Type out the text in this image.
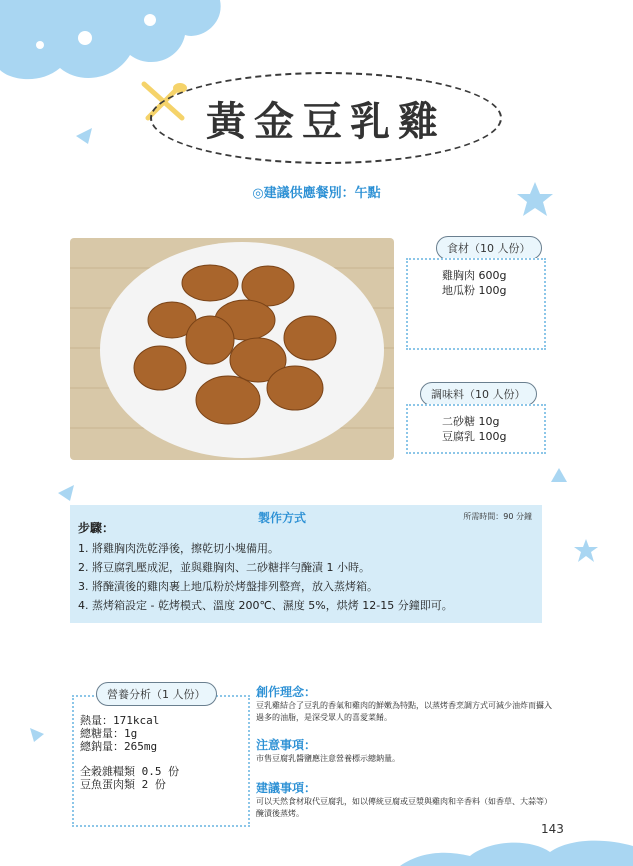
黃金豆乳雞
◎建議供應餐別：午點
食材（10 人份）
雞胸肉 600g
地瓜粉 100g
調味料（10 人份）
二砂糖 10g
豆腐乳 100g
製作方式	所需時間：90 分鐘
步驟：
1. 將雞胸肉洗乾淨後，擦乾切小塊備用。
2. 將豆腐乳壓成泥，並與雞胸肉、二砂糖拌勻醃漬 1 小時。
3. 將醃漬後的雞肉裹上地瓜粉於烤盤排列整齊，放入蒸烤箱。
4. 蒸烤箱設定 - 乾烤模式、溫度 200℃、濕度 5%，烘烤 12-15 分鐘即可。
熱量：171kcal
總糖量：1g
總鈉量：265mg
全穀雜糧類 0.5 份
豆魚蛋肉類 2 份
營養分析（1 人份）	創作理念：
豆乳雞結合了豆乳的香氣和雞肉的鮮嫩為特點，以蒸烤香烹調方式可減少油炸而攝入過多的油脂，是深受眾人的喜愛菜餚。
注意事項：
市售豆腐乳醬鹽應注意營養標示總鈉量。
建議事項：
可以天然食材取代豆腐乳，如以傳統豆腐或豆漿與雞肉和辛香料（如香草、大蒜等）醃漬後蒸烤。
143
